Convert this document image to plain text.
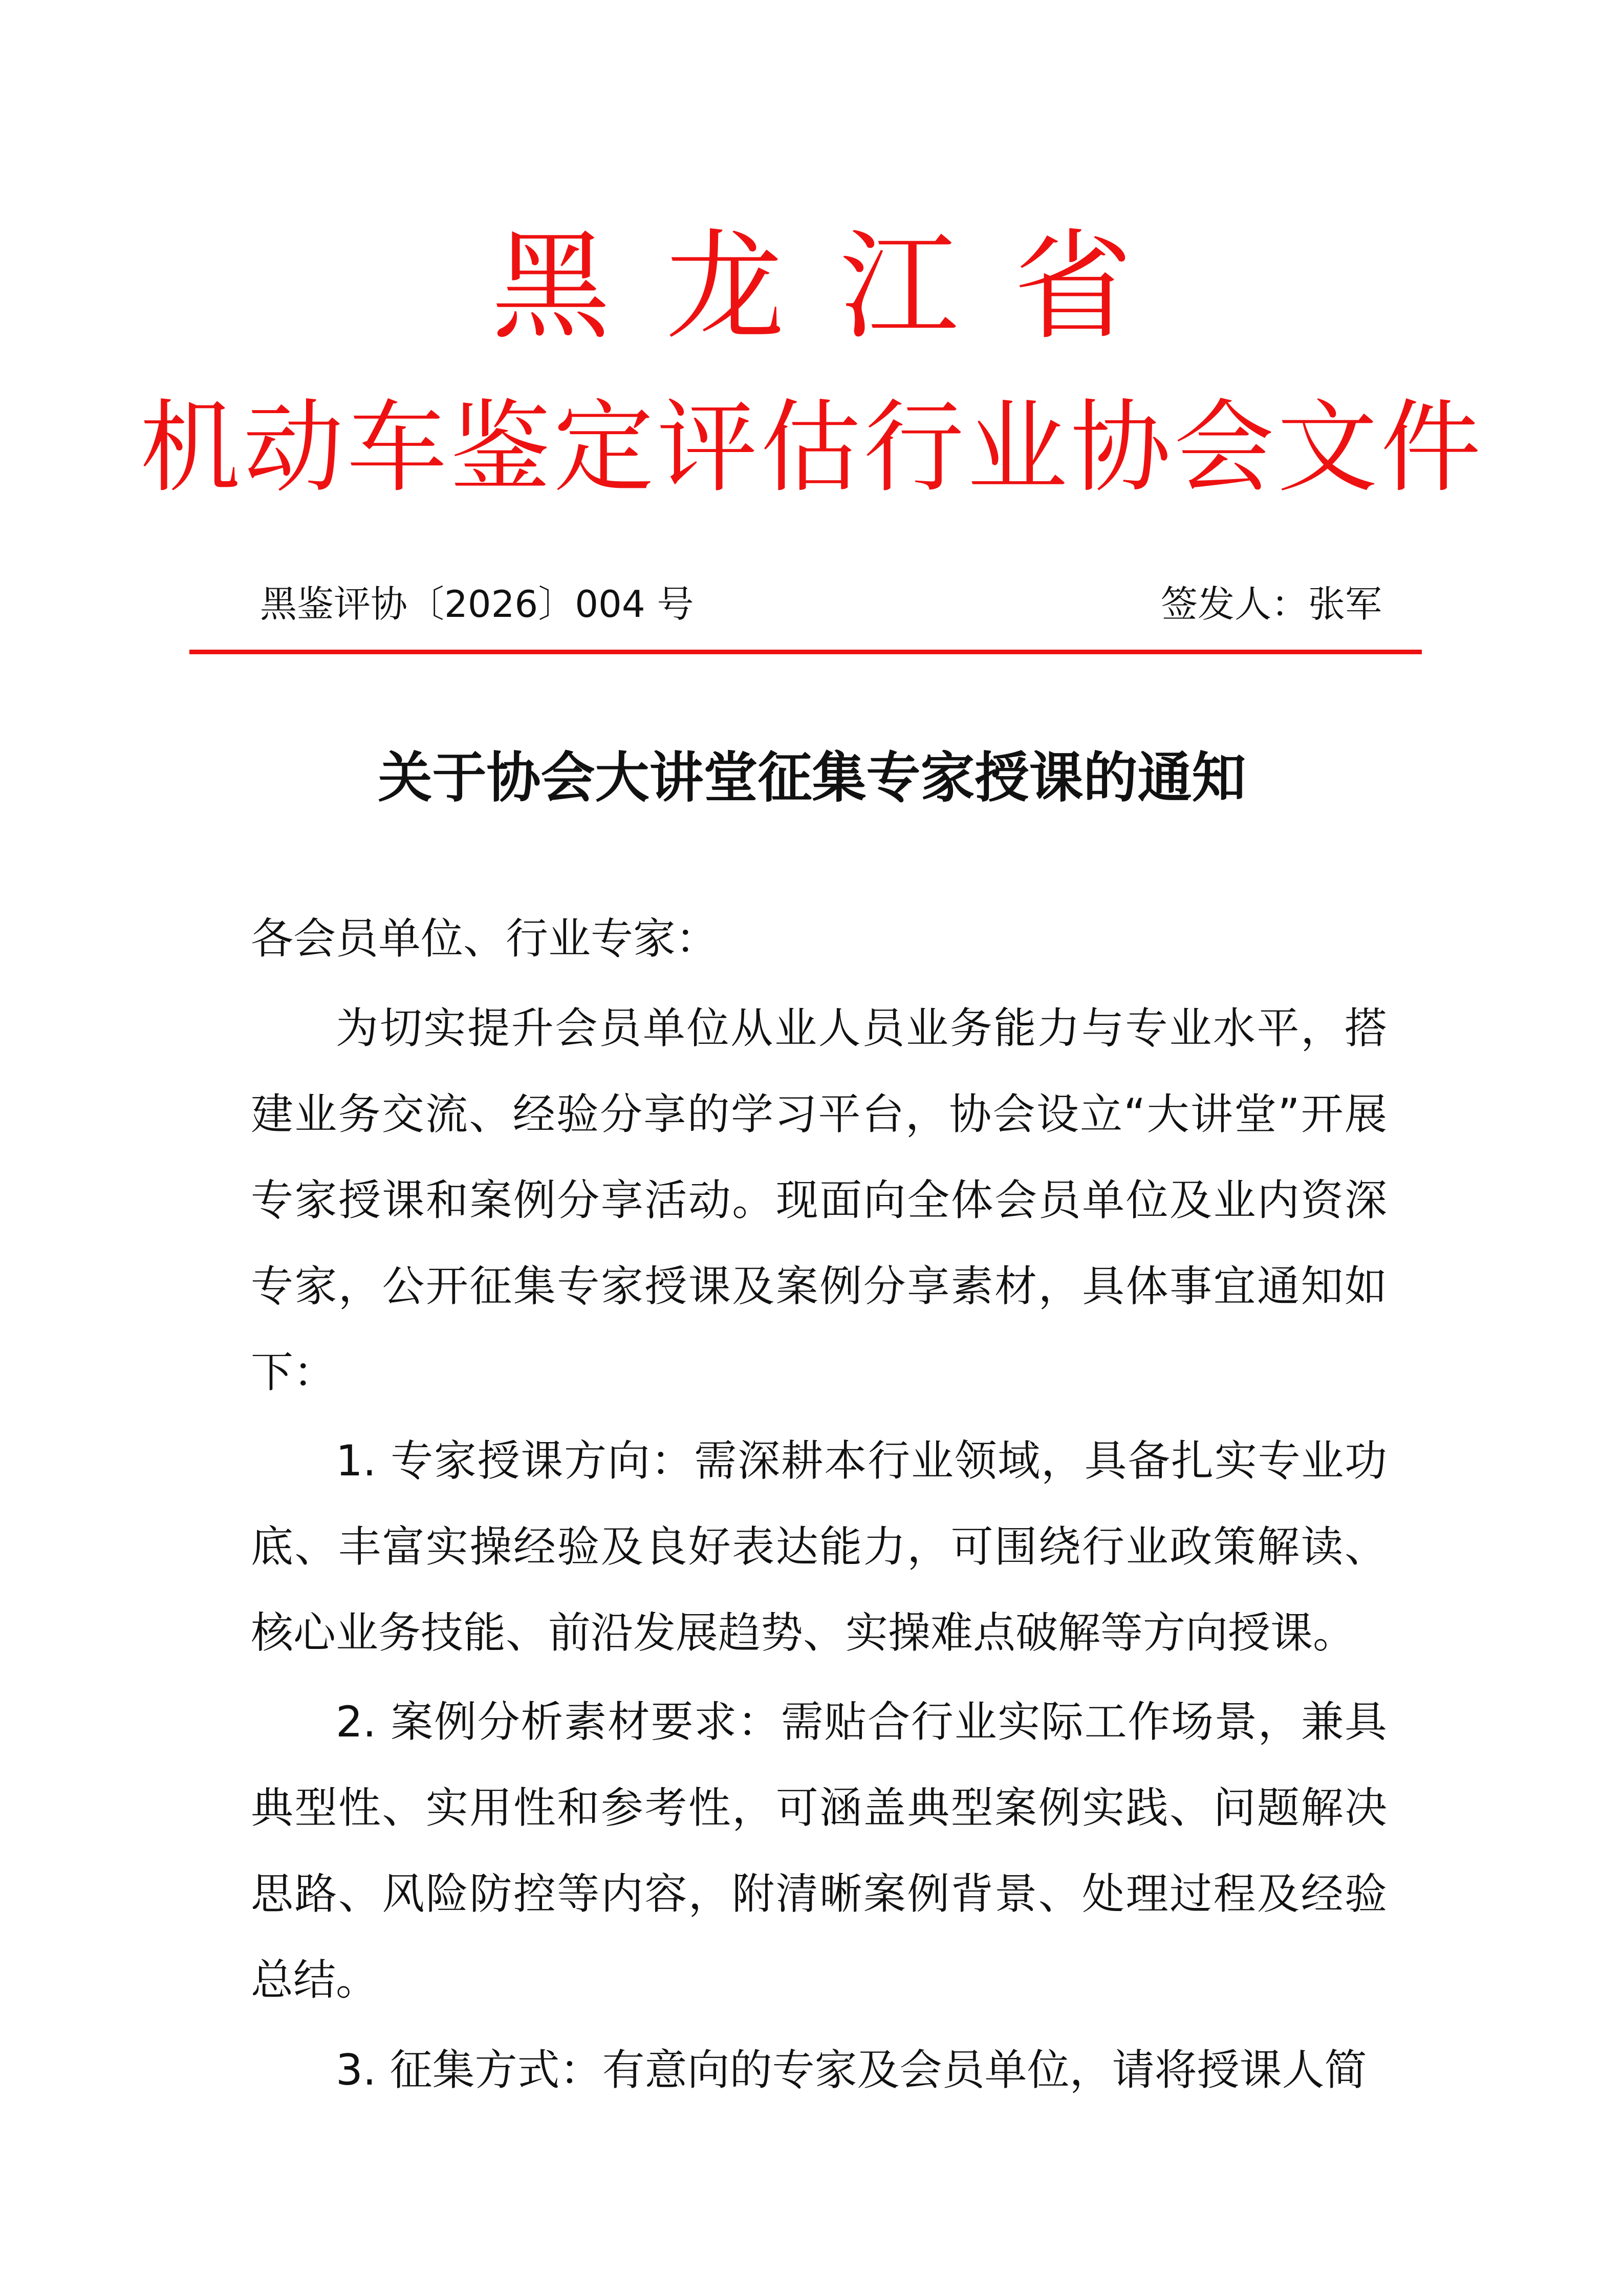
黑龙江省
机动车鉴定评估行业协会文件
黑鉴评协〔2026〕004 号	签发人：张军
关于协会大讲堂征集专家授课的通知
各会员单位、行业专家：
为切实提升会员单位从业人员业务能力与专业水平，搭建业务交流、经验分享的学习平台，协会设立“大讲堂”开展专家授课和案例分享活动。现面向全体会员单位及业内资深专家，公开征集专家授课及案例分享素材，具体事宜通知如下：
1. 专家授课方向：需深耕本行业领域，具备扎实专业功底、丰富实操经验及良好表达能力，可围绕行业政策解读、核心业务技能、前沿发展趋势、实操难点破解等方向授课。
2. 案例分析素材要求：需贴合行业实际工作场景，兼具典型性、实用性和参考性，可涵盖典型案例实践、问题解决思路、风险防控等内容，附清晰案例背景、处理过程及经验总结。
3. 征集方式：有意向的专家及会员单位，请将授课人简
